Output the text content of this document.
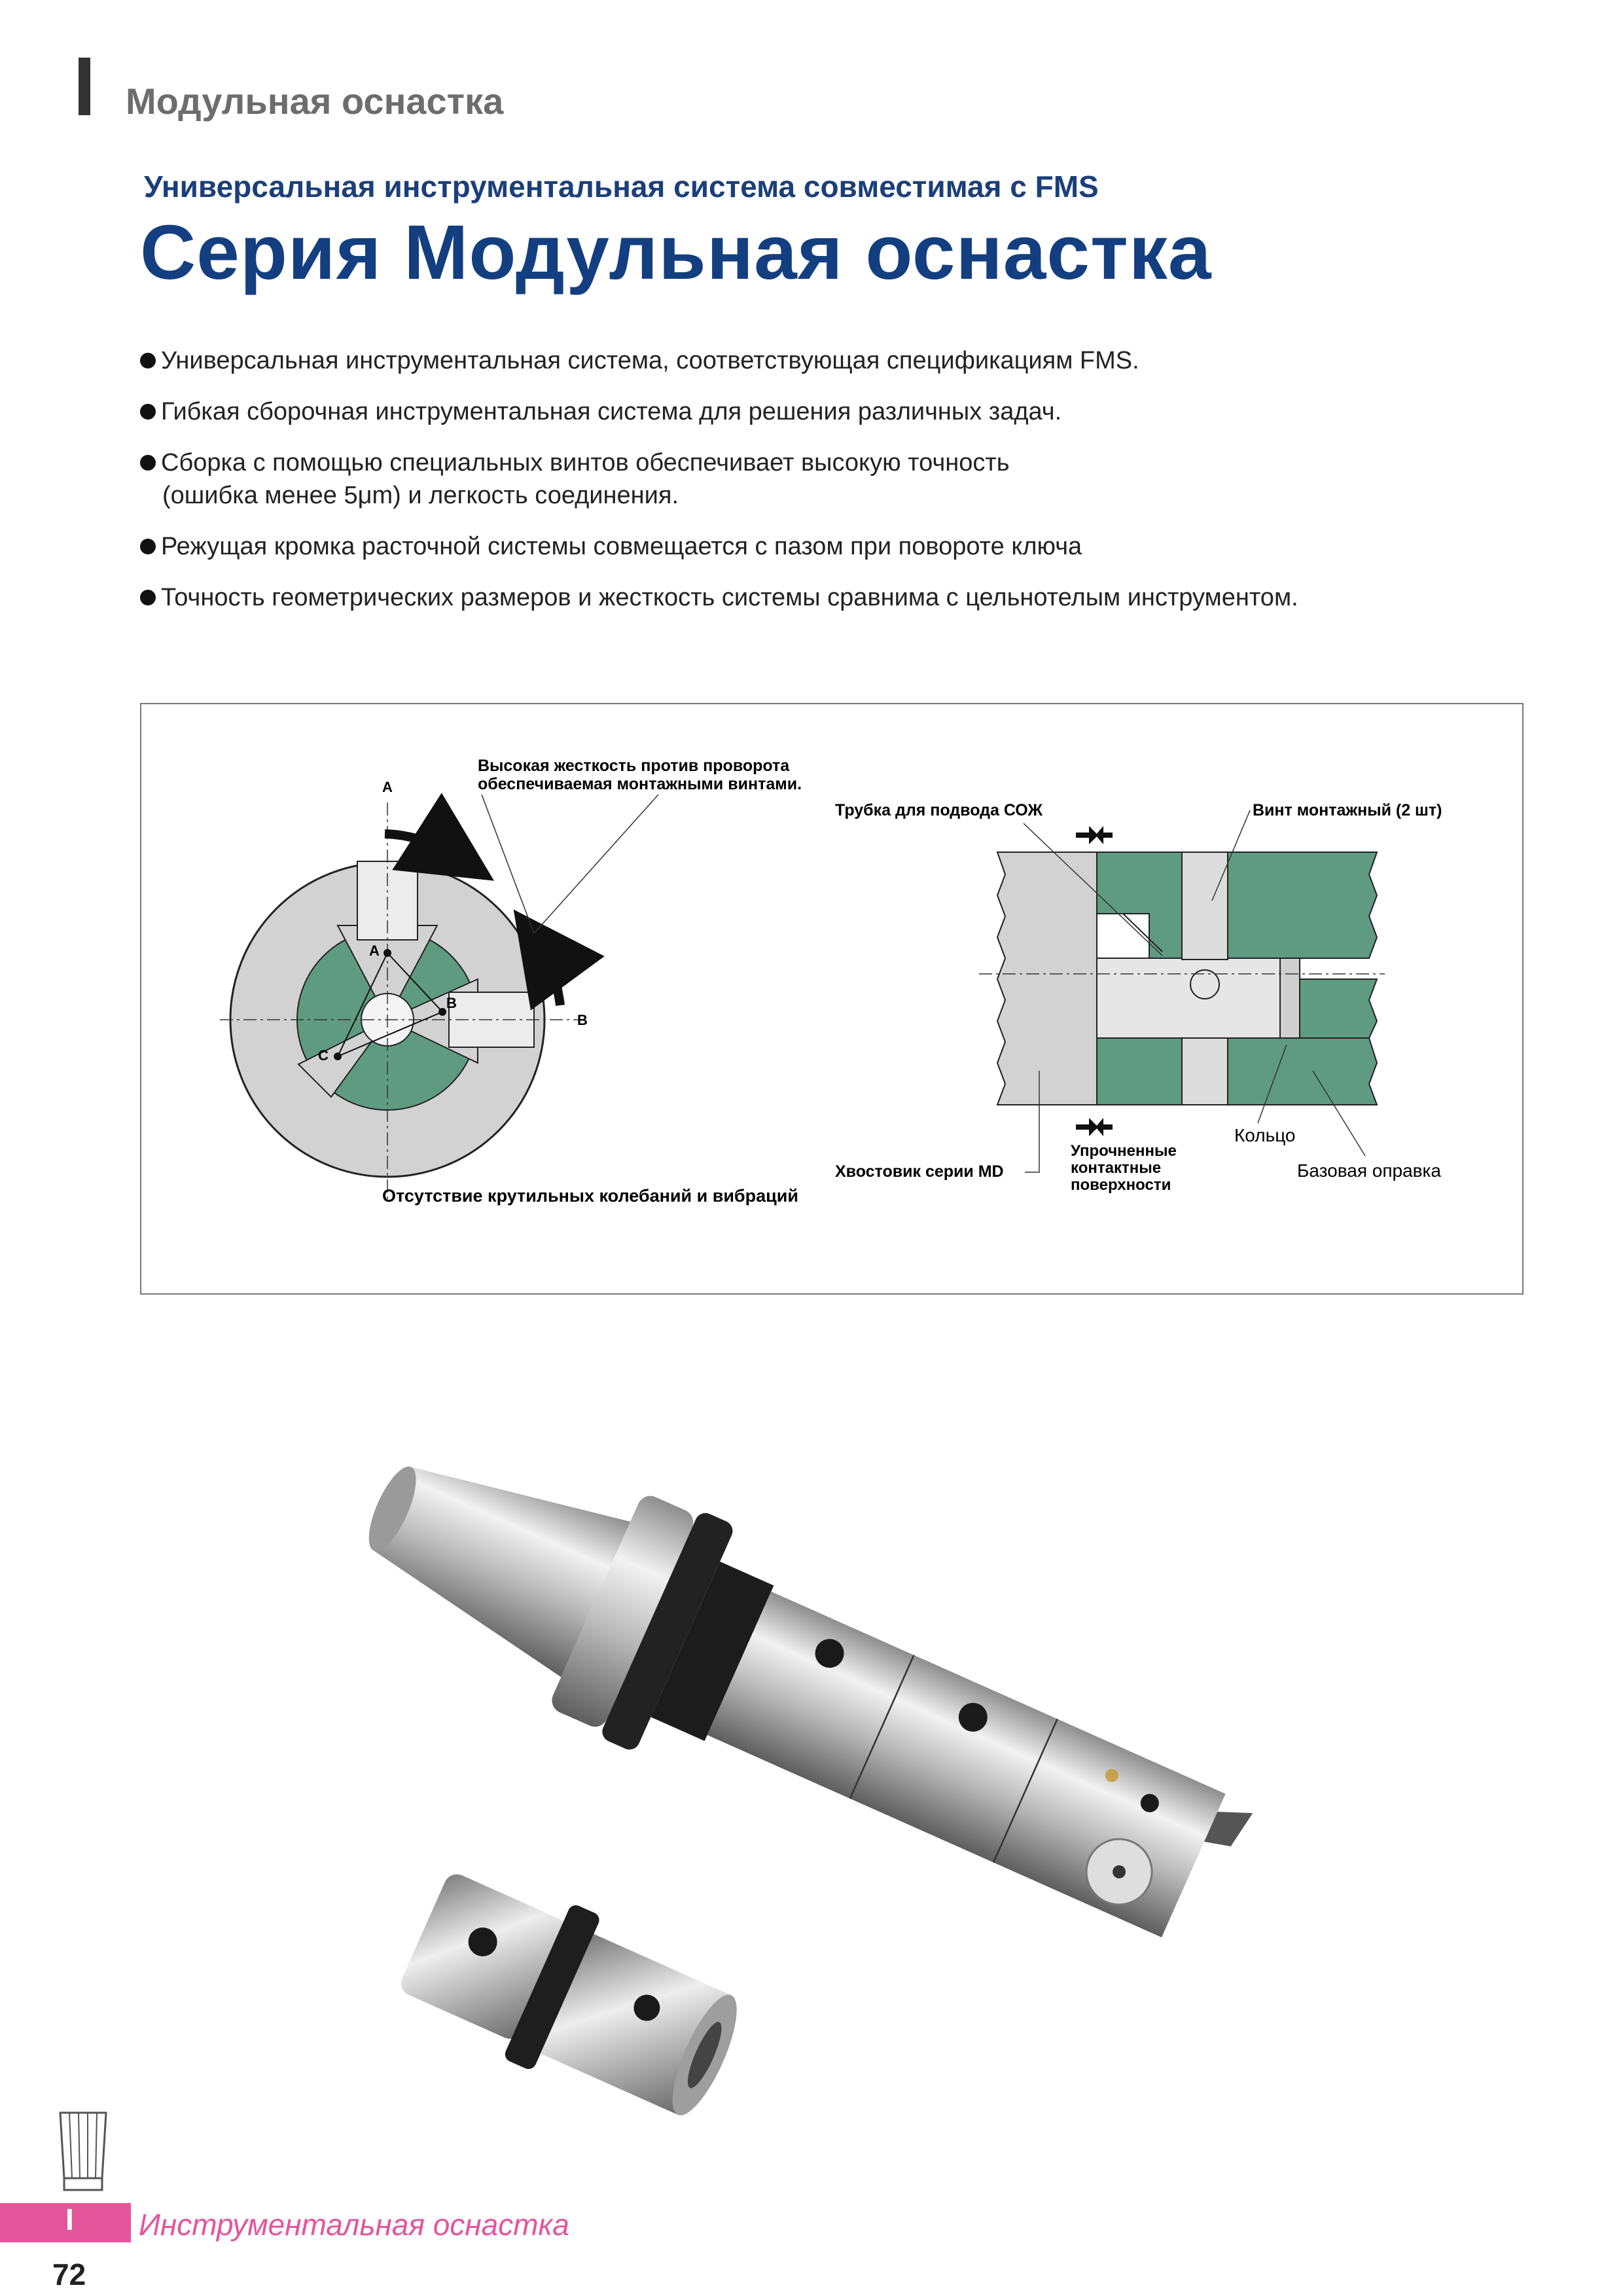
Модульная оснастка
Универсальная инструментальная система совместимая с FMS
Серия Модульная оснастка
Универсальная инструментальная система, соответствующая спецификациям FMS.
Гибкая сборочная инструментальная система для решения различных задач.
Сборка с помощью специальных винтов обеспечивает высокую точность
(ошибка менее 5μm) и легкость соединения.
Режущая кромка расточной системы совмещается с пазом при повороте ключа
Точность геометрических размеров и жесткость системы сравнима с цельнотелым инструментом.
A
B
C
A
B
Высокая жесткость против проворота
обеспечиваемая монтажными винтами.
Отсутствие крутильных колебаний и вибраций
Трубка для подвода СОЖ	Винт монтажный (2 шт)
Хвостовик серии MD
Упрочненные
контактные
поверхности
Кольцо
Базовая оправка
I Инструментальная оснастка
72
